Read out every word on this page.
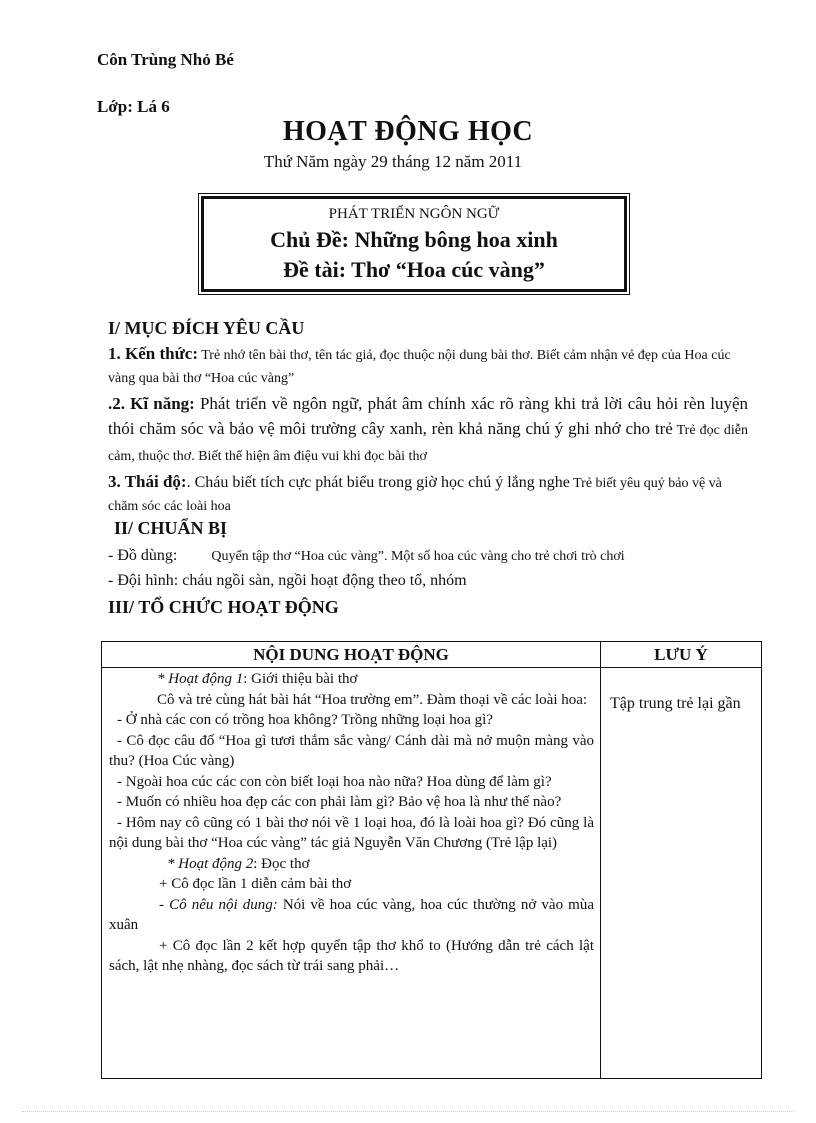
Côn Trùng Nhỏ Bé
Lớp: Lá 6
HOẠT ĐỘNG HỌC
Thứ Năm ngày 29 tháng 12 năm 2011
PHÁT TRIỂN NGÔN NGỮ
Chủ Đề: Những bông hoa xinh
Đề tài: Thơ “Hoa cúc vàng”
I/ MỤC ĐÍCH YÊU CẦU
1. Kến thức: Trẻ nhớ tên bài thơ, tên tác giả, đọc thuộc nội dung bài thơ. Biết cảm nhận vẻ đẹp của Hoa cúc vàng qua bài thơ “Hoa cúc vàng”
.2. Kĩ năng: Phát triển về ngôn ngữ, phát âm chính xác rõ ràng khi trả lời câu hỏi rèn luyện thói chăm sóc và bảo vệ môi trường cây xanh, rèn khả năng chú ý ghi nhớ cho trẻ Trẻ đọc diễn cảm, thuộc thơ. Biết thể hiện âm điệu vui khi đọc bài thơ
3. Thái độ:. Cháu biết tích cực phát biểu trong giờ học chú ý lắng nghe Trẻ biết yêu quý bảo vệ và chăm sóc các loài hoa
II/ CHUẨN BỊ
- Đồ dùng: Quyển tập thơ “Hoa cúc vàng”. Một số hoa cúc vàng cho trẻ chơi trò chơi
- Đội hình: cháu ngồi sàn, ngồi hoạt động theo tổ, nhóm
III/ TỔ CHỨC HOẠT ĐỘNG
NỘI DUNG HOẠT ĐỘNG	LƯU Ý

* Hoạt động 1: Giới thiệu bài thơ

Cô và trẻ cùng hát bài hát “Hoa trường em”. Đàm thoại về các loài hoa:

- Ở nhà các con có trồng hoa không? Trồng những loại hoa gì?

- Cô đọc câu đố “Hoa gì tươi thắm sắc vàng/ Cánh dài mà nở muộn màng vào thu? (Hoa Cúc vàng)

- Ngoài hoa cúc các con còn biết loại hoa nào nữa? Hoa dùng để làm gì?

- Muốn có nhiều hoa đẹp các con phải làm gì? Bảo vệ hoa là như thế nào?

- Hôm nay cô cũng có 1 bài thơ nói về 1 loại hoa, đó là loài hoa gì? Đó cũng là nội dung bài thơ “Hoa cúc vàng” tác giả Nguyễn Văn Chương (Trẻ lập lại)

* Hoạt động 2: Đọc thơ

+ Cô đọc lần 1 diễn cảm bài thơ

- Cô nêu nội dung: Nói về hoa cúc vàng, hoa cúc thường nở vào mùa xuân

+ Cô đọc lần 2 kết hợp quyển tập thơ khổ to (Hướng dẫn trẻ cách lật sách, lật nhẹ nhàng, đọc sách từ trái sang phải…

Tập trung trẻ lại gần
